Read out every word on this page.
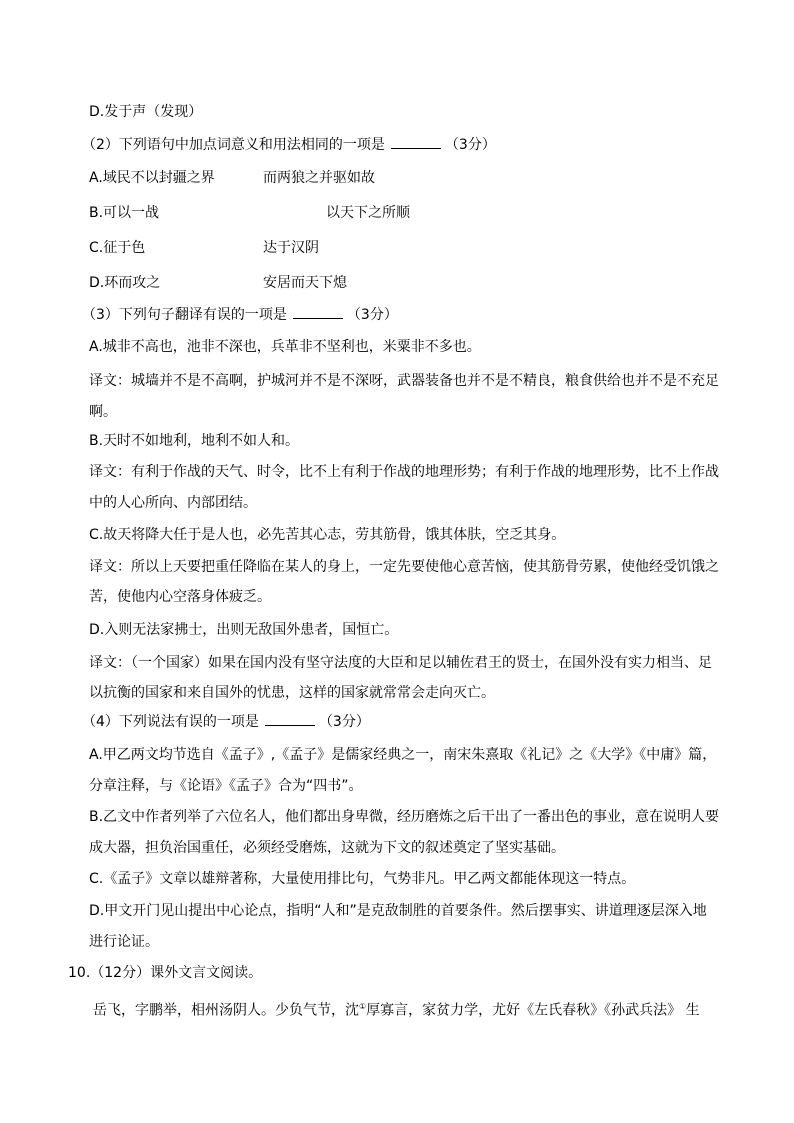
D.发于声（发现）
（2）下列语句中加点词意义和用法相同的一项是	（3分）
A.域民不以封疆之界	而两狼之并驱如故
B.可以一战	以天下之所顺
C.征于色	达于汉阴
D.环而攻之	安居而天下熄
（3）下列句子翻译有误的一项是	（3分）
A.城非不高也，池非不深也，兵革非不坚利也，米粟非不多也。
译文：城墙并不是不高啊，护城河并不是不深呀，武器装备也并不是不精良，粮食供给也并不是不充足
啊。
B.天时不如地利，地利不如人和。
译文：有利于作战的天气、时令，比不上有利于作战的地理形势；有利于作战的地理形势，比不上作战
中的人心所向、内部团结。
C.故天将降大任于是人也，必先苦其心志，劳其筋骨，饿其体肤，空乏其身。
译文：所以上天要把重任降临在某人的身上，一定先要使他心意苦恼，使其筋骨劳累，使他经受饥饿之
苦，使他内心空落身体疲乏。
D.入则无法家拂士，出则无敌国外患者，国恒亡。
译文：（一个国家）如果在国内没有坚守法度的大臣和足以辅佐君王的贤士，在国外没有实力相当、足
以抗衡的国家和来自国外的忧患，这样的国家就常常会走向灭亡。
（4）下列说法有误的一项是	（3分）
A.甲乙两文均节选自《孟子》,《孟子》是儒家经典之一，南宋朱熹取《礼记》之《大学》《中庸》篇，
分章注释，与《论语》《孟子》合为“四书”。
B.乙文中作者列举了六位名人，他们都出身卑微，经历磨炼之后干出了一番出色的事业，意在说明人要
成大器，担负治国重任，必须经受磨炼，这就为下文的叙述奠定了坚实基础。
C.《孟子》文章以雄辩著称，大量使用排比句，气势非凡。甲乙两文都能体现这一特点。
D.甲文开门见山提出中心论点，指明“人和”是克敌制胜的首要条件。然后摆事实、讲道理逐层深入地
进行论证。
10.（12分）课外文言文阅读。
岳飞，字鹏举，相州汤阴人。少负气节，沈①厚寡言，家贫力学，尤好《左氏春秋》《孙武兵法》 生
